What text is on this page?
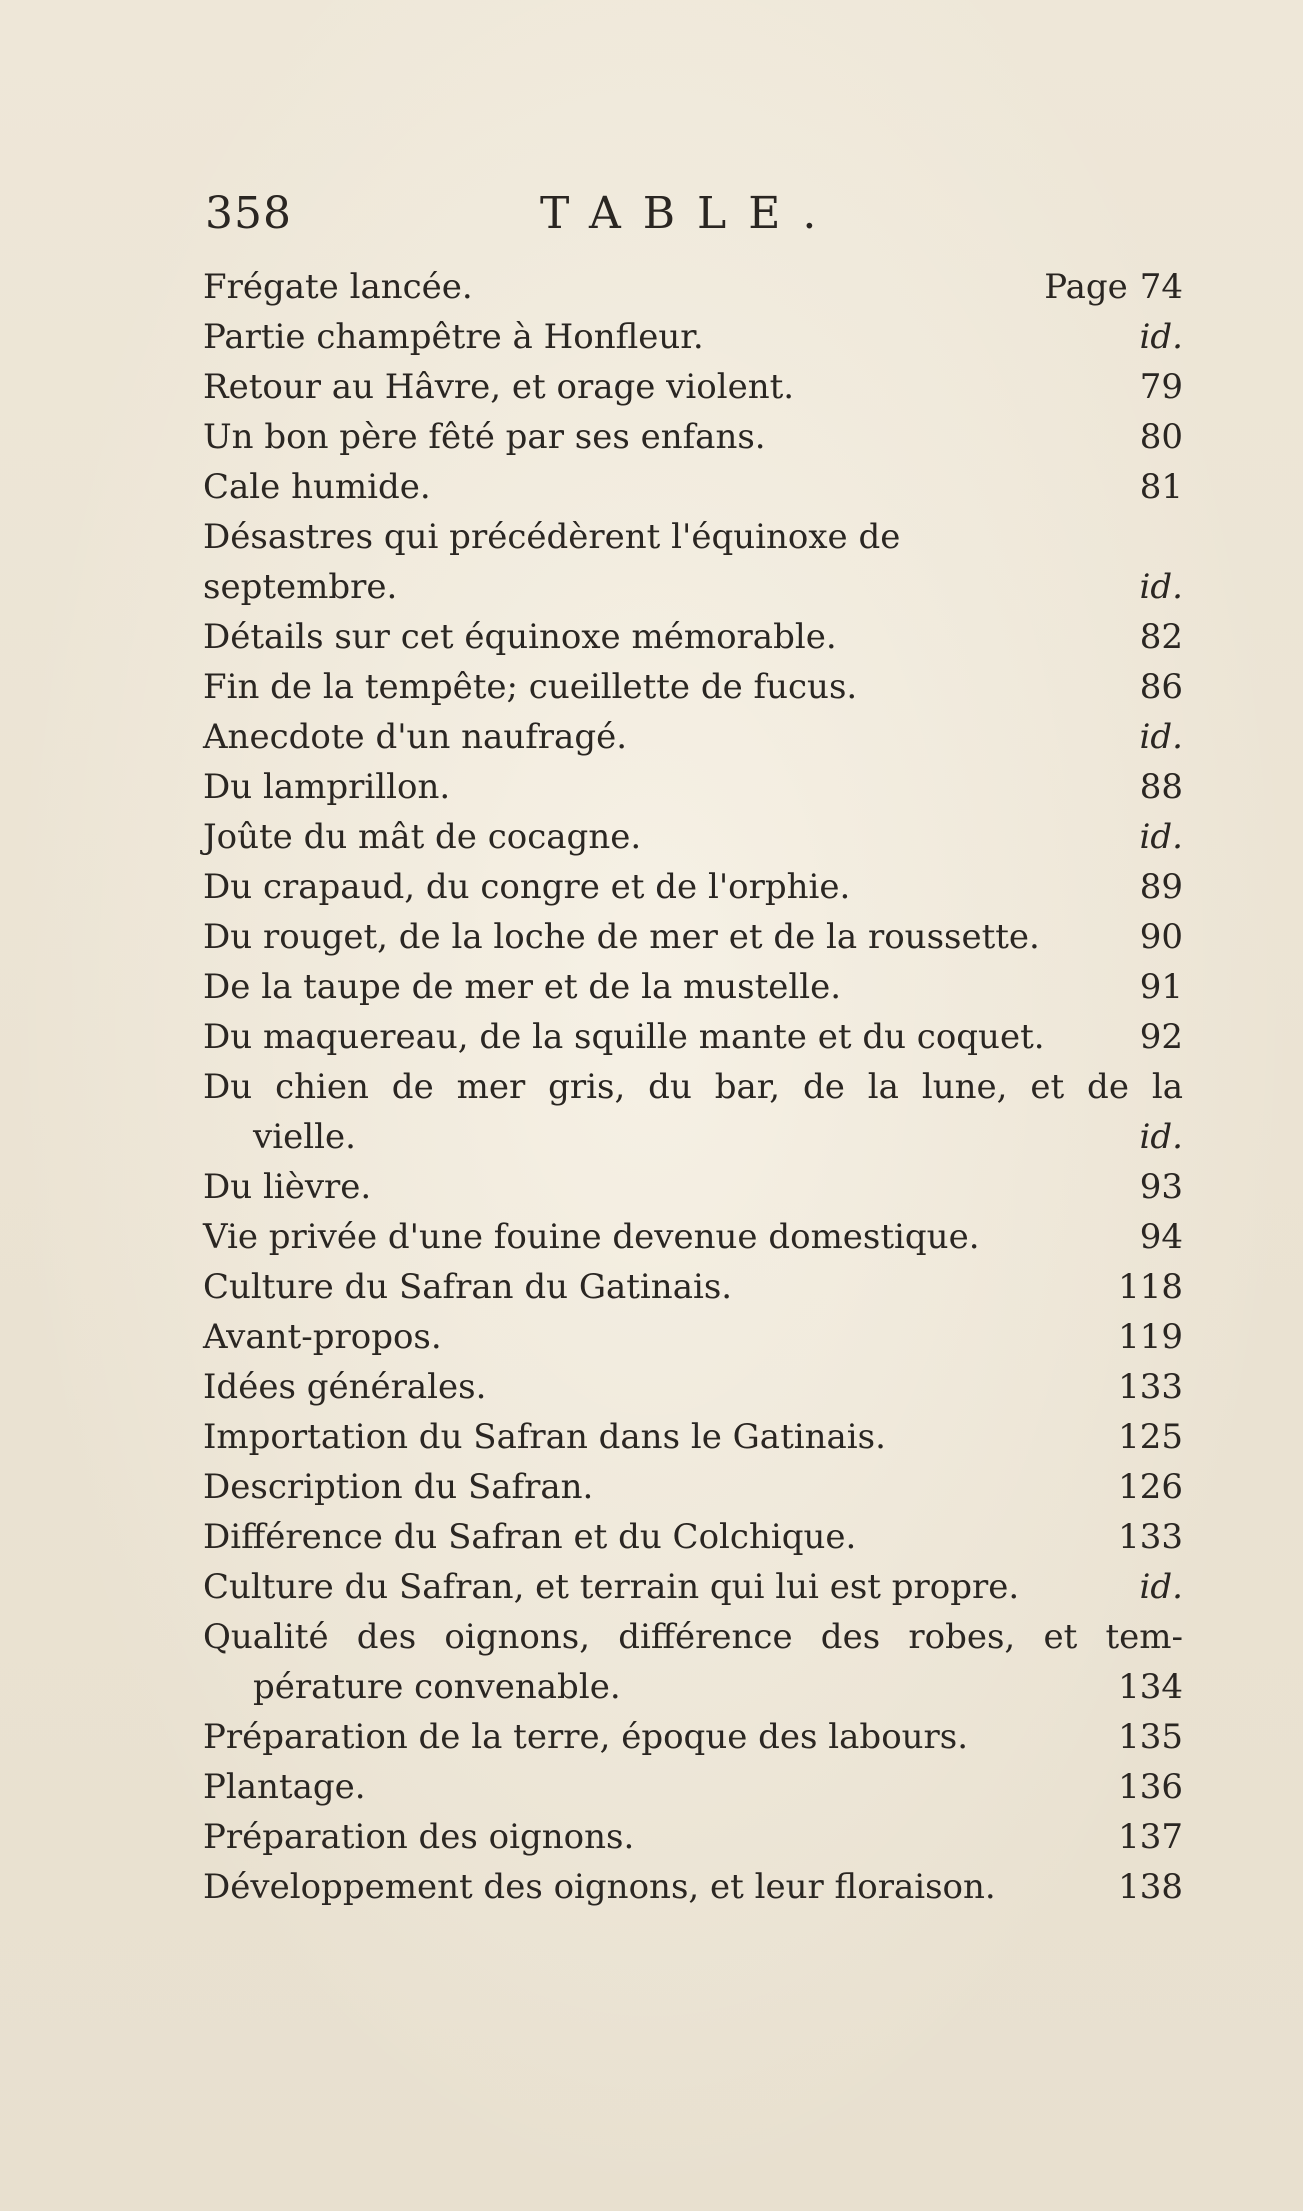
358	TABLE.
Frégate lancée.	Page 74
Partie champêtre à Honfleur.	id.
Retour au Hâvre, et orage violent.	79
Un bon père fêté par ses enfans.	80
Cale humide.	81
Désastres qui précédèrent l'équinoxe de septembre.	id.
Détails sur cet équinoxe mémorable.	82
Fin de la tempête; cueillette de fucus.	86
Anecdote d'un naufragé.	id.
Du lamprillon.	88
Joûte du mât de cocagne.	id.
Du crapaud, du congre et de l'orphie.	89
Du rouget, de la loche de mer et de la roussette.	90
De la taupe de mer et de la mustelle.	91
Du maquereau, de la squille mante et du coquet.	92
Du chien de mer gris, du bar, de la lune, et de la
vielle.	id.
Du lièvre.	93
Vie privée d'une fouine devenue domestique.	94
Culture du Safran du Gatinais.	118
Avant-propos.	119
Idées générales.	133
Importation du Safran dans le Gatinais.	125
Description du Safran.	126
Différence du Safran et du Colchique.	133
Culture du Safran, et terrain qui lui est propre.	id.
Qualité des oignons, différence des robes, et tem-
pérature convenable.	134
Préparation de la terre, époque des labours.	135
Plantage.	136
Préparation des oignons.	137
Développement des oignons, et leur floraison.	138
